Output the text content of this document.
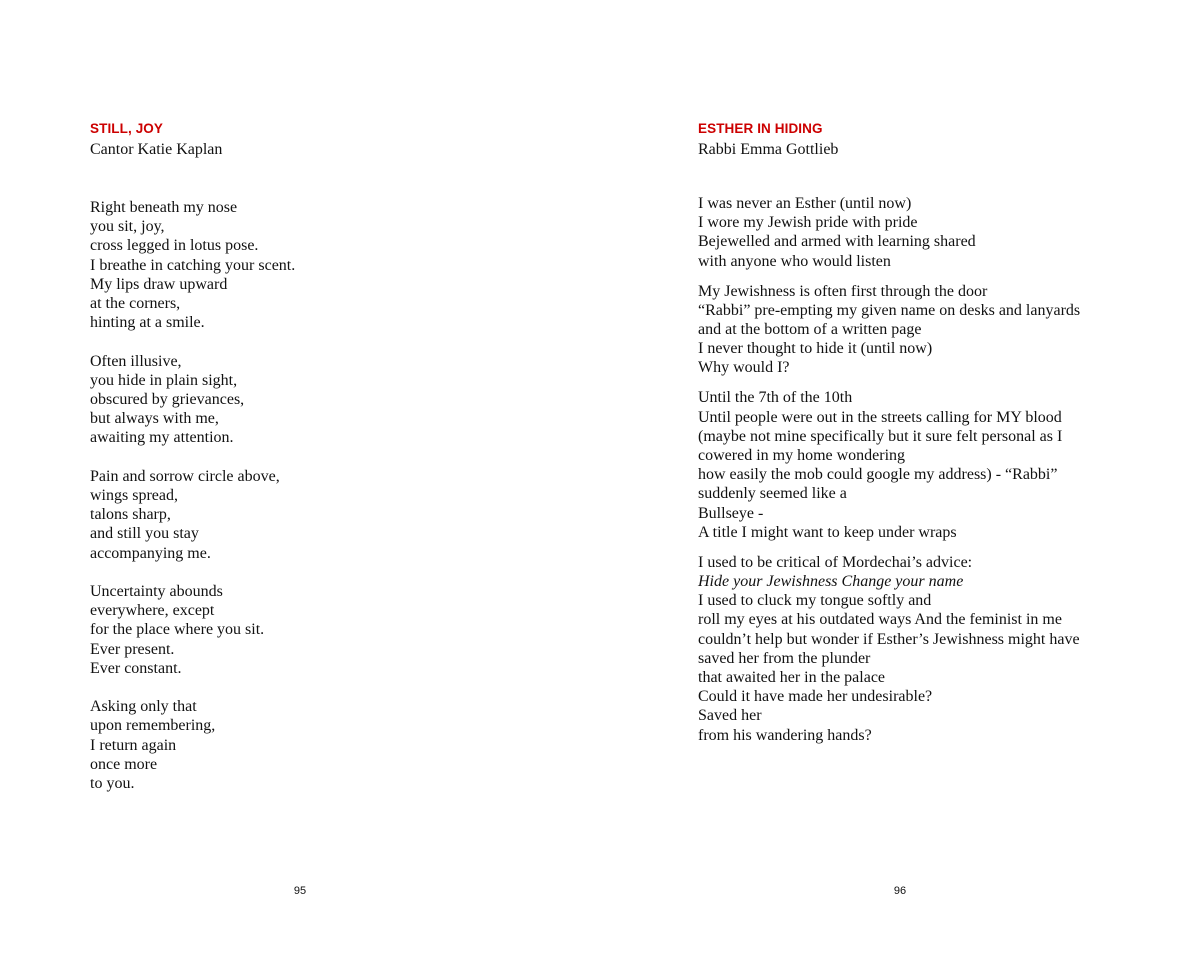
STILL, JOY
Cantor Katie Kaplan
Right beneath my nose
you sit, joy,
cross legged in lotus pose.
I breathe in catching your scent.
My lips draw upward
at the corners,
hinting at a smile.
Often illusive,
you hide in plain sight,
obscured by grievances,
but always with me,
awaiting my attention.
Pain and sorrow circle above,
wings spread,
talons sharp,
and still you stay
accompanying me.
Uncertainty abounds
everywhere, except
for the place where you sit.
Ever present.
Ever constant.
Asking only that
upon remembering,
I return again
once more
to you.
95
ESTHER IN HIDING
Rabbi Emma Gottlieb
I was never an Esther (until now)
I wore my Jewish pride with pride
Bejewelled and armed with learning shared
with anyone who would listen
My Jewishness is often first through the door
“Rabbi” pre-empting my given name on desks and lanyards
and at the bottom of a written page
I never thought to hide it (until now)
Why would I?
Until the 7th of the 10th
Until people were out in the streets calling for MY blood
(maybe not mine specifically but it sure felt personal as I
cowered in my home wondering
how easily the mob could google my address) - “Rabbi”
suddenly seemed like a
Bullseye -
A title I might want to keep under wraps
I used to be critical of Mordechai’s advice:
Hide your Jewishness Change your name
I used to cluck my tongue softly and
roll my eyes at his outdated ways And the feminist in me
couldn’t help but wonder if Esther’s Jewishness might have
saved her from the plunder
that awaited her in the palace
Could it have made her undesirable?
Saved her
from his wandering hands?
96
